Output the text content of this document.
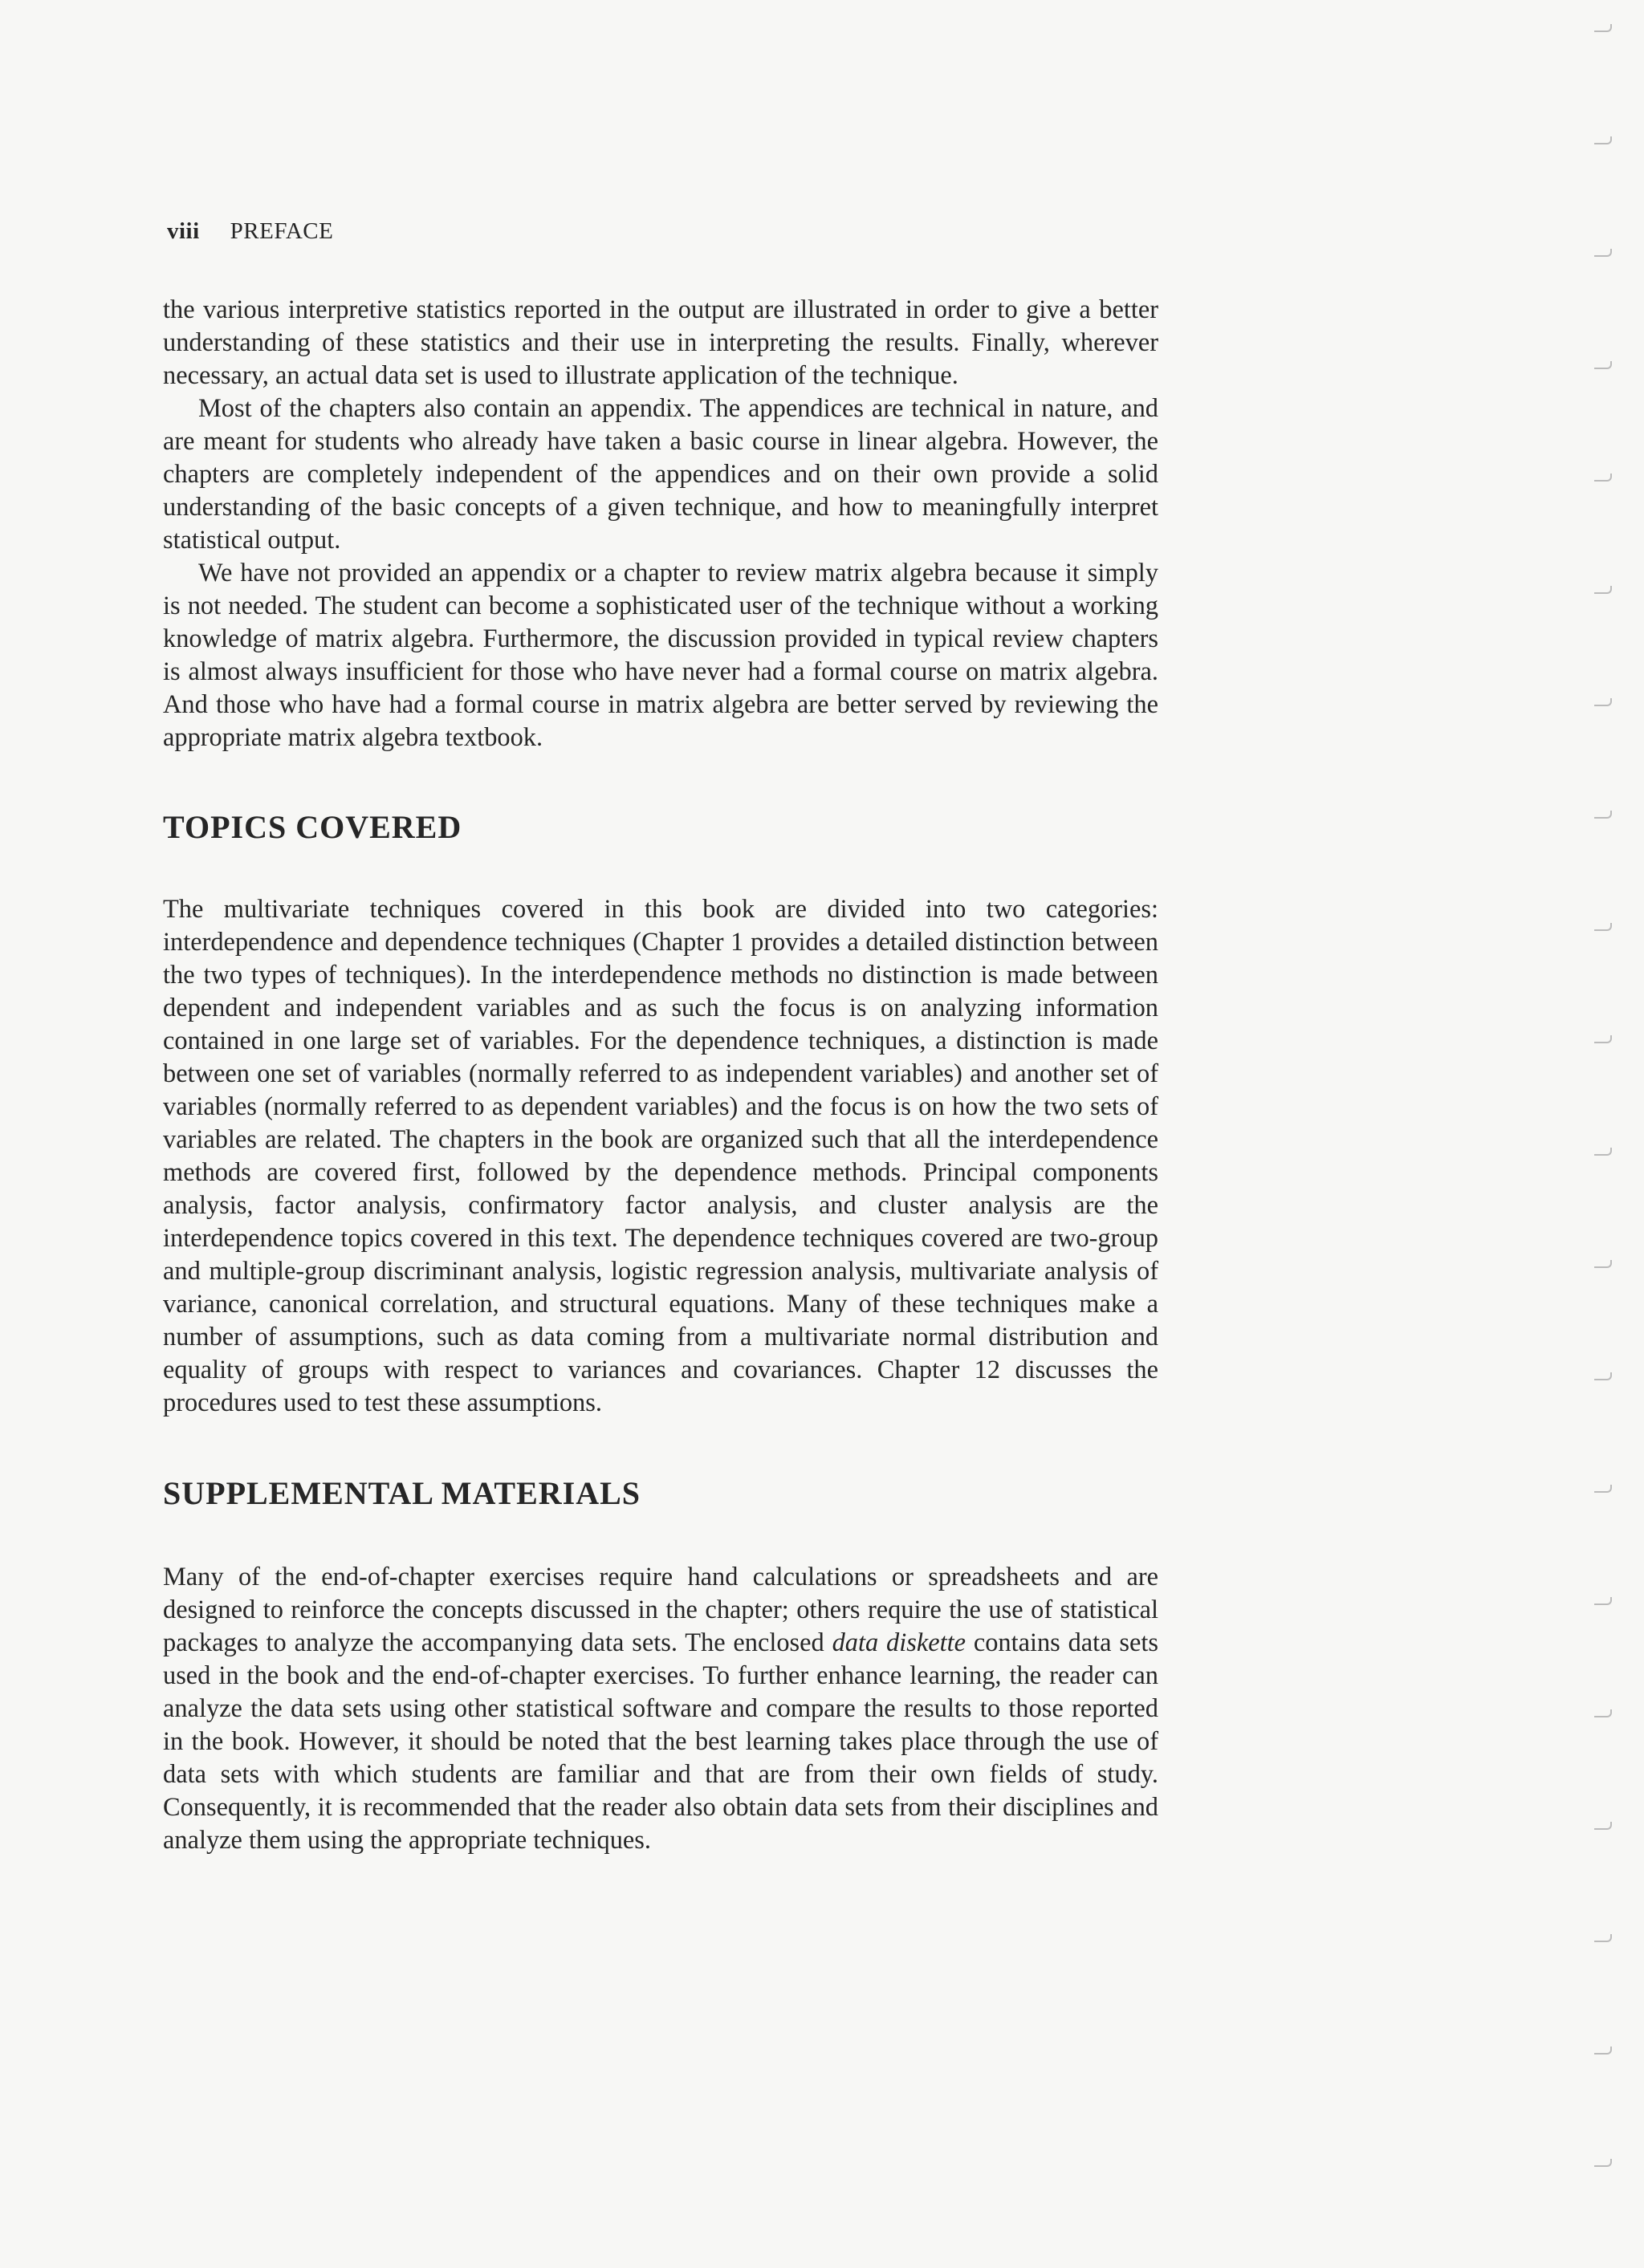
viii PREFACE

the various interpretive statistics reported in the output are illustrated in order to give a better understanding of these statistics and their use in interpreting the results. Finally, wherever necessary, an actual data set is used to illustrate application of the technique.

Most of the chapters also contain an appendix. The appendices are technical in nature, and are meant for students who already have taken a basic course in linear algebra. However, the chapters are completely independent of the appendices and on their own provide a solid understanding of the basic concepts of a given technique, and how to meaningfully interpret statistical output.

We have not provided an appendix or a chapter to review matrix algebra because it simply is not needed. The student can become a sophisticated user of the technique without a working knowledge of matrix algebra. Furthermore, the discussion provided in typical review chapters is almost always insufficient for those who have never had a formal course on matrix algebra. And those who have had a formal course in matrix algebra are better served by reviewing the appropriate matrix algebra textbook.

TOPICS COVERED

The multivariate techniques covered in this book are divided into two categories: interdependence and dependence techniques (Chapter 1 provides a detailed distinction between the two types of techniques). In the interdependence methods no distinction is made between dependent and independent variables and as such the focus is on analyzing information contained in one large set of variables. For the dependence techniques, a distinction is made between one set of variables (normally referred to as independent variables) and another set of variables (normally referred to as dependent variables) and the focus is on how the two sets of variables are related. The chapters in the book are organized such that all the interdependence methods are covered first, followed by the dependence methods. Principal components analysis, factor analysis, confirmatory factor analysis, and cluster analysis are the interdependence topics covered in this text. The dependence techniques covered are two-group and multiple-group discriminant analysis, logistic regression analysis, multivariate analysis of variance, canonical correlation, and structural equations. Many of these techniques make a number of assumptions, such as data coming from a multivariate normal distribution and equality of groups with respect to variances and covariances. Chapter 12 discusses the procedures used to test these assumptions.

SUPPLEMENTAL MATERIALS

Many of the end-of-chapter exercises require hand calculations or spreadsheets and are designed to reinforce the concepts discussed in the chapter; others require the use of statistical packages to analyze the accompanying data sets. The enclosed data diskette contains data sets used in the book and the end-of-chapter exercises. To further enhance learning, the reader can analyze the data sets using other statistical software and compare the results to those reported in the book. However, it should be noted that the best learning takes place through the use of data sets with which students are familiar and that are from their own fields of study. Consequently, it is recommended that the reader also obtain data sets from their disciplines and analyze them using the appropriate techniques.
